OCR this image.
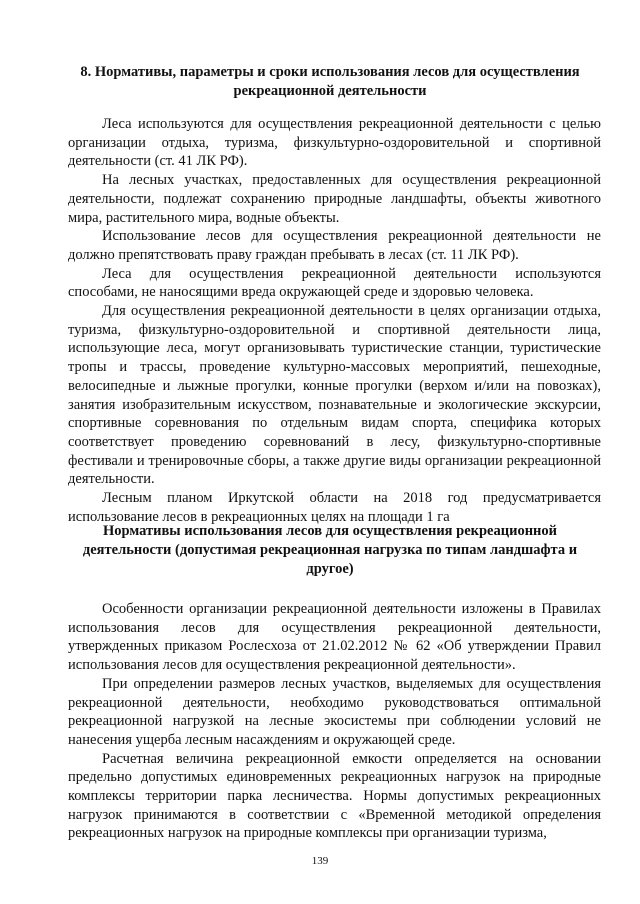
8. Нормативы, параметры и сроки использования лесов для осуществления рекреационной деятельности

Леса используются для осуществления рекреационной деятельности с целью организации отдыха, туризма, физкультурно-оздоровительной и спортивной деятельности (ст. 41 ЛК РФ).

На лесных участках, предоставленных для осуществления рекреационной деятельности, подлежат сохранению природные ландшафты, объекты животного мира, растительного мира, водные объекты.

Использование лесов для осуществления рекреационной деятельности не должно препятствовать праву граждан пребывать в лесах (ст. 11 ЛК РФ).

Леса для осуществления рекреационной деятельности используются способами, не наносящими вреда окружающей среде и здоровью человека.

Для осуществления рекреационной деятельности в целях организации отдыха, туризма, физкультурно-оздоровительной и спортивной деятельности лица, использующие леса, могут организовывать туристические станции, туристические тропы и трассы, проведение культурно-массовых мероприятий, пешеходные, велосипедные и лыжные прогулки, конные прогулки (верхом и/или на повозках), занятия изобразительным искусством, познавательные и экологические экскурсии, спортивные соревнования по отдельным видам спорта, специфика которых соответствует проведению соревнований в лесу, физкультурно-спортивные фестивали и тренировочные сборы, а также другие виды организации рекреационной деятельности.

Лесным планом Иркутской области на 2018 год предусматривается использование лесов в рекреационных целях на площади 1 га

Нормативы использования лесов для осуществления рекреационной деятельности (допустимая рекреационная нагрузка по типам ландшафта и другое)

Особенности организации рекреационной деятельности изложены в Правилах использования лесов для осуществления рекреационной деятельности, утвержденных приказом Рослесхоза от 21.02.2012 № 62 «Об утверждении Правил использования лесов для осуществления рекреационной деятельности».

При определении размеров лесных участков, выделяемых для осуществления рекреационной деятельности, необходимо руководствоваться оптимальной рекреационной нагрузкой на лесные экосистемы при соблюдении условий не нанесения ущерба лесным насаждениям и окружающей среде.

Расчетная величина рекреационной емкости определяется на основании предельно допустимых единовременных рекреационных нагрузок на природные комплексы территории парка лесничества. Нормы допустимых рекреационных нагрузок принимаются в соответствии с «Временной методикой определения рекреационных нагрузок на природные комплексы при организации туризма,

139
